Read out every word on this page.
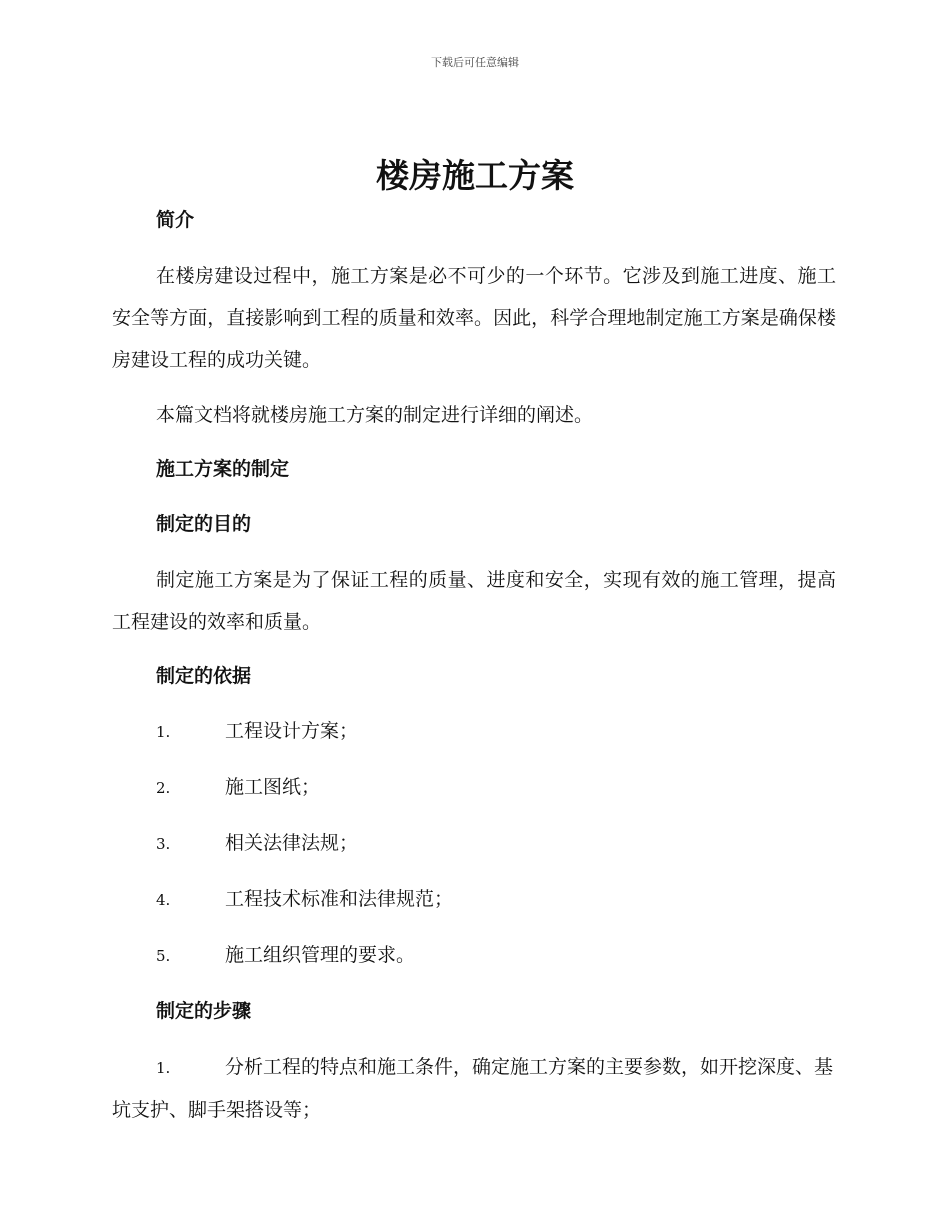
下载后可任意编辑
楼房施工方案
简介

在楼房建设过程中，施工方案是必不可少的一个环节。它涉及到施工进度、施工安全等方面，直接影响到工程的质量和效率。因此，科学合理地制定施工方案是确保楼房建设工程的成功关键。

本篇文档将就楼房施工方案的制定进行详细的阐述。

施工方案的制定
制定的目的

制定施工方案是为了保证工程的质量、进度和安全，实现有效的施工管理，提高工程建设的效率和质量。

制定的依据
1.	工程设计方案；
2.	施工图纸；
3.	相关法律法规；
4.	工程技术标准和法律规范；
5.	施工组织管理的要求。
制定的步骤

1.	分析工程的特点和施工条件，确定施工方案的主要参数，如开挖深度、基坑支护、脚手架搭设等；
